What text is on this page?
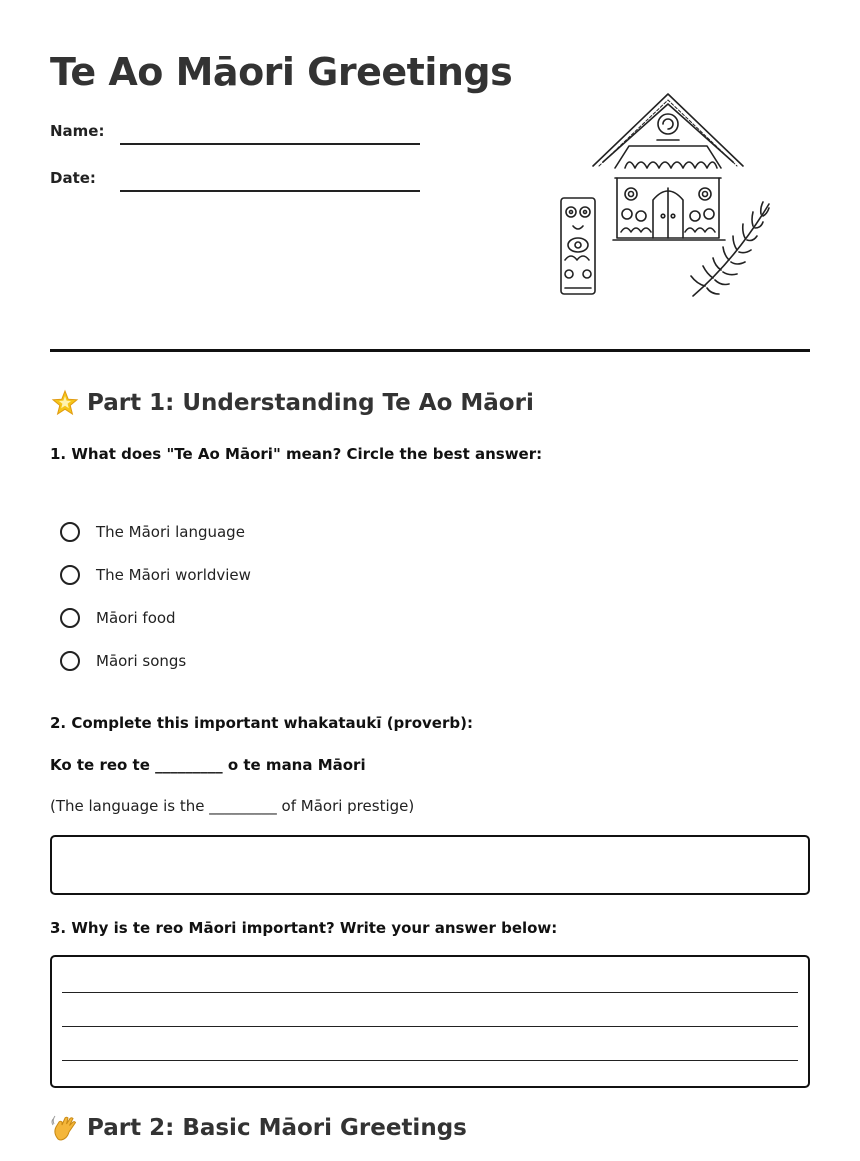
Te Ao Māori Greetings
Name:
Date:
Part 1: Understanding Te Ao Māori
1. What does "Te Ao Māori" mean? Circle the best answer:
The Māori language
The Māori worldview
Māori food
Māori songs
2. Complete this important whakataukī (proverb):
Ko te reo te _________ o te mana Māori
(The language is the _________ of Māori prestige)
3. Why is te reo Māori important? Write your answer below:
Part 2: Basic Māori Greetings
